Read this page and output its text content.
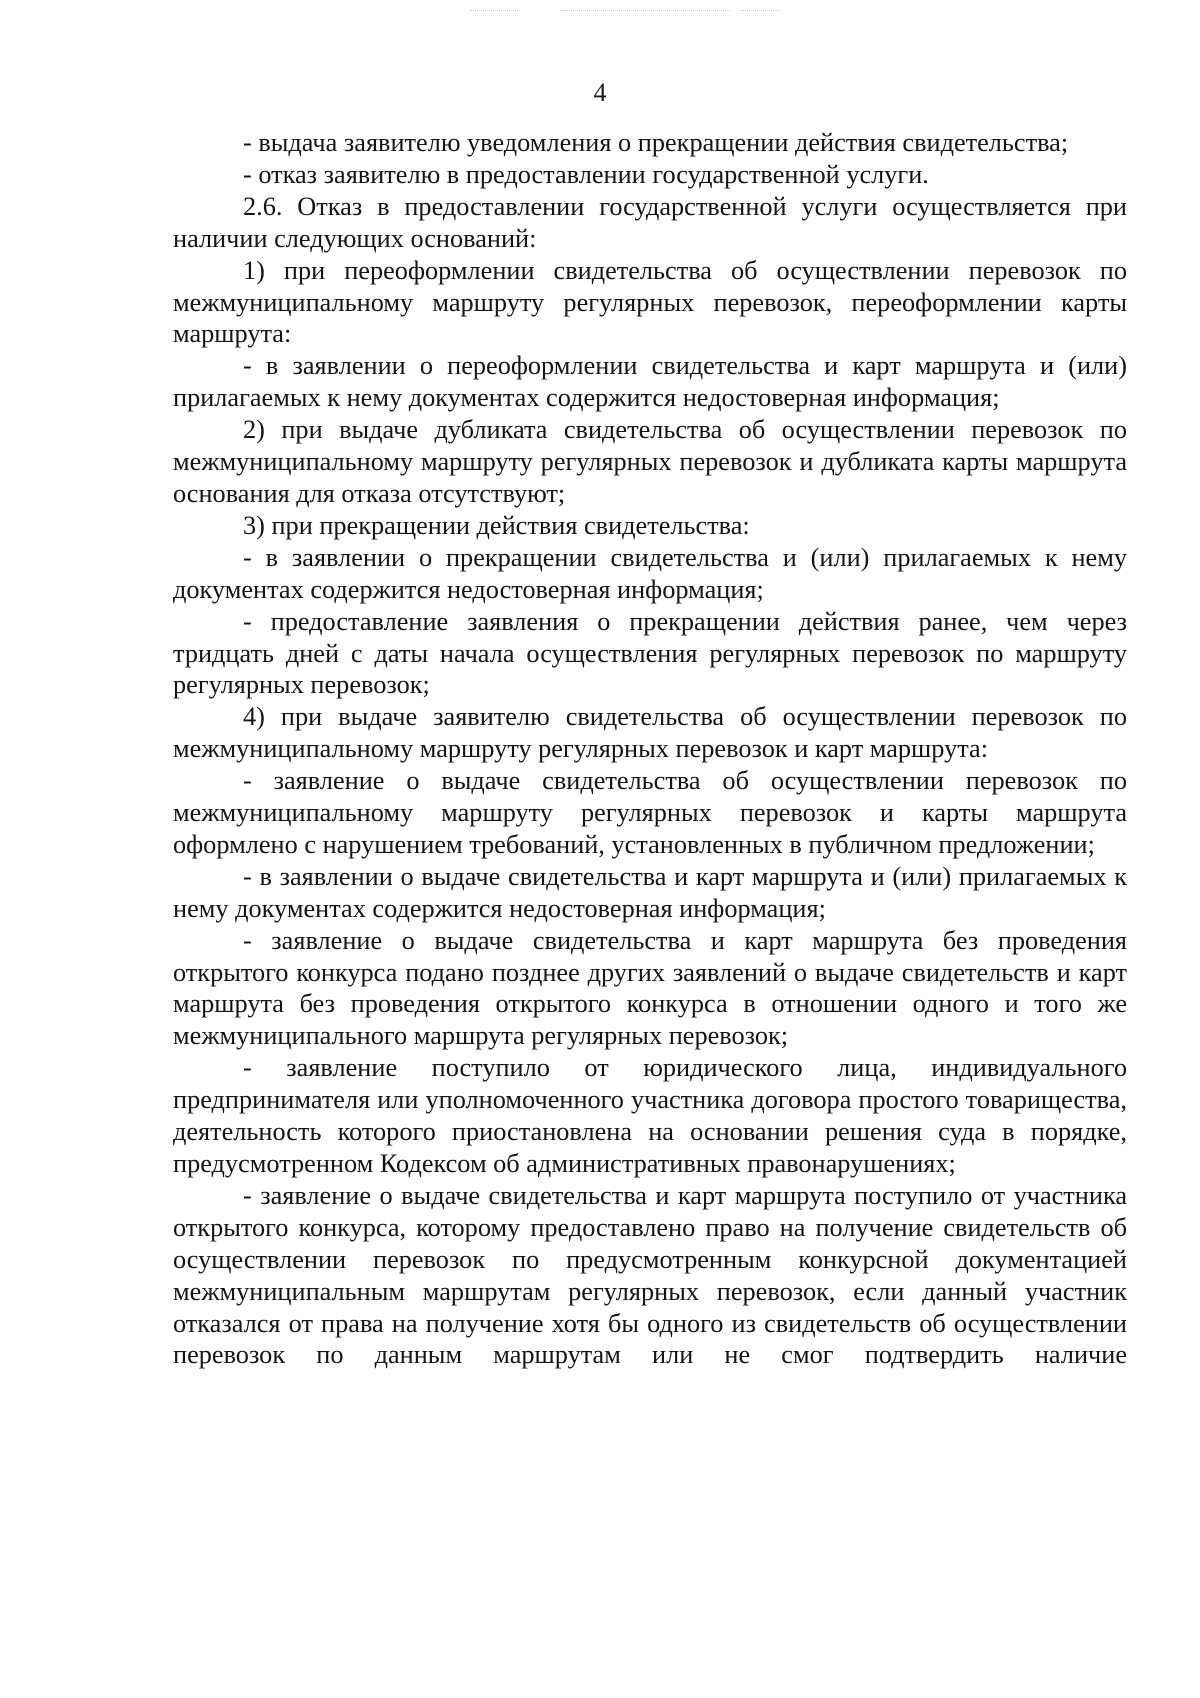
4

- выдача заявителю уведомления о прекращении действия свидетельства;

- отказ заявителю в предоставлении государственной услуги.

2.6. Отказ в предоставлении государственной услуги осуществляется при наличии следующих оснований:

1) при переоформлении свидетельства об осуществлении перевозок по межмуниципальному маршруту регулярных перевозок, переоформлении карты маршрута:

- в заявлении о переоформлении свидетельства и карт маршрута и (или) прилагаемых к нему документах содержится недостоверная информация;

2) при выдаче дубликата свидетельства об осуществлении перевозок по межмуниципальному маршруту регулярных перевозок и дубликата карты маршрута основания для отказа отсутствуют;

3) при прекращении действия свидетельства:

- в заявлении о прекращении свидетельства и (или) прилагаемых к нему документах содержится недостоверная информация;

- предоставление заявления о прекращении действия ранее, чем через тридцать дней с даты начала осуществления регулярных перевозок по маршруту регулярных перевозок;

4) при выдаче заявителю свидетельства об осуществлении перевозок по межмуниципальному маршруту регулярных перевозок и карт маршрута:

- заявление о выдаче свидетельства об осуществлении перевозок по межмуниципальному маршруту регулярных перевозок и карты маршрута оформлено с нарушением требований, установленных в публичном предложении;

- в заявлении о выдаче свидетельства и карт маршрута и (или) прилагаемых к нему документах содержится недостоверная информация;

- заявление о выдаче свидетельства и карт маршрута без проведения открытого конкурса подано позднее других заявлений о выдаче свидетельств и карт маршрута без проведения открытого конкурса в отношении одного и того же межмуниципального маршрута регулярных перевозок;

- заявление поступило от юридического лица, индивидуального предпринимателя или уполномоченного участника договора простого товарищества, деятельность которого приостановлена на основании решения суда в порядке, предусмотренном Кодексом об административных правонарушениях;

- заявление о выдаче свидетельства и карт маршрута поступило от участника открытого конкурса, которому предоставлено право на получение свидетельств об осуществлении перевозок по предусмотренным конкурсной документацией межмуниципальным маршрутам регулярных перевозок, если данный участник отказался от права на получение хотя бы одного из свидетельств об осуществлении перевозок по данным маршрутам или не смог подтвердить наличие
